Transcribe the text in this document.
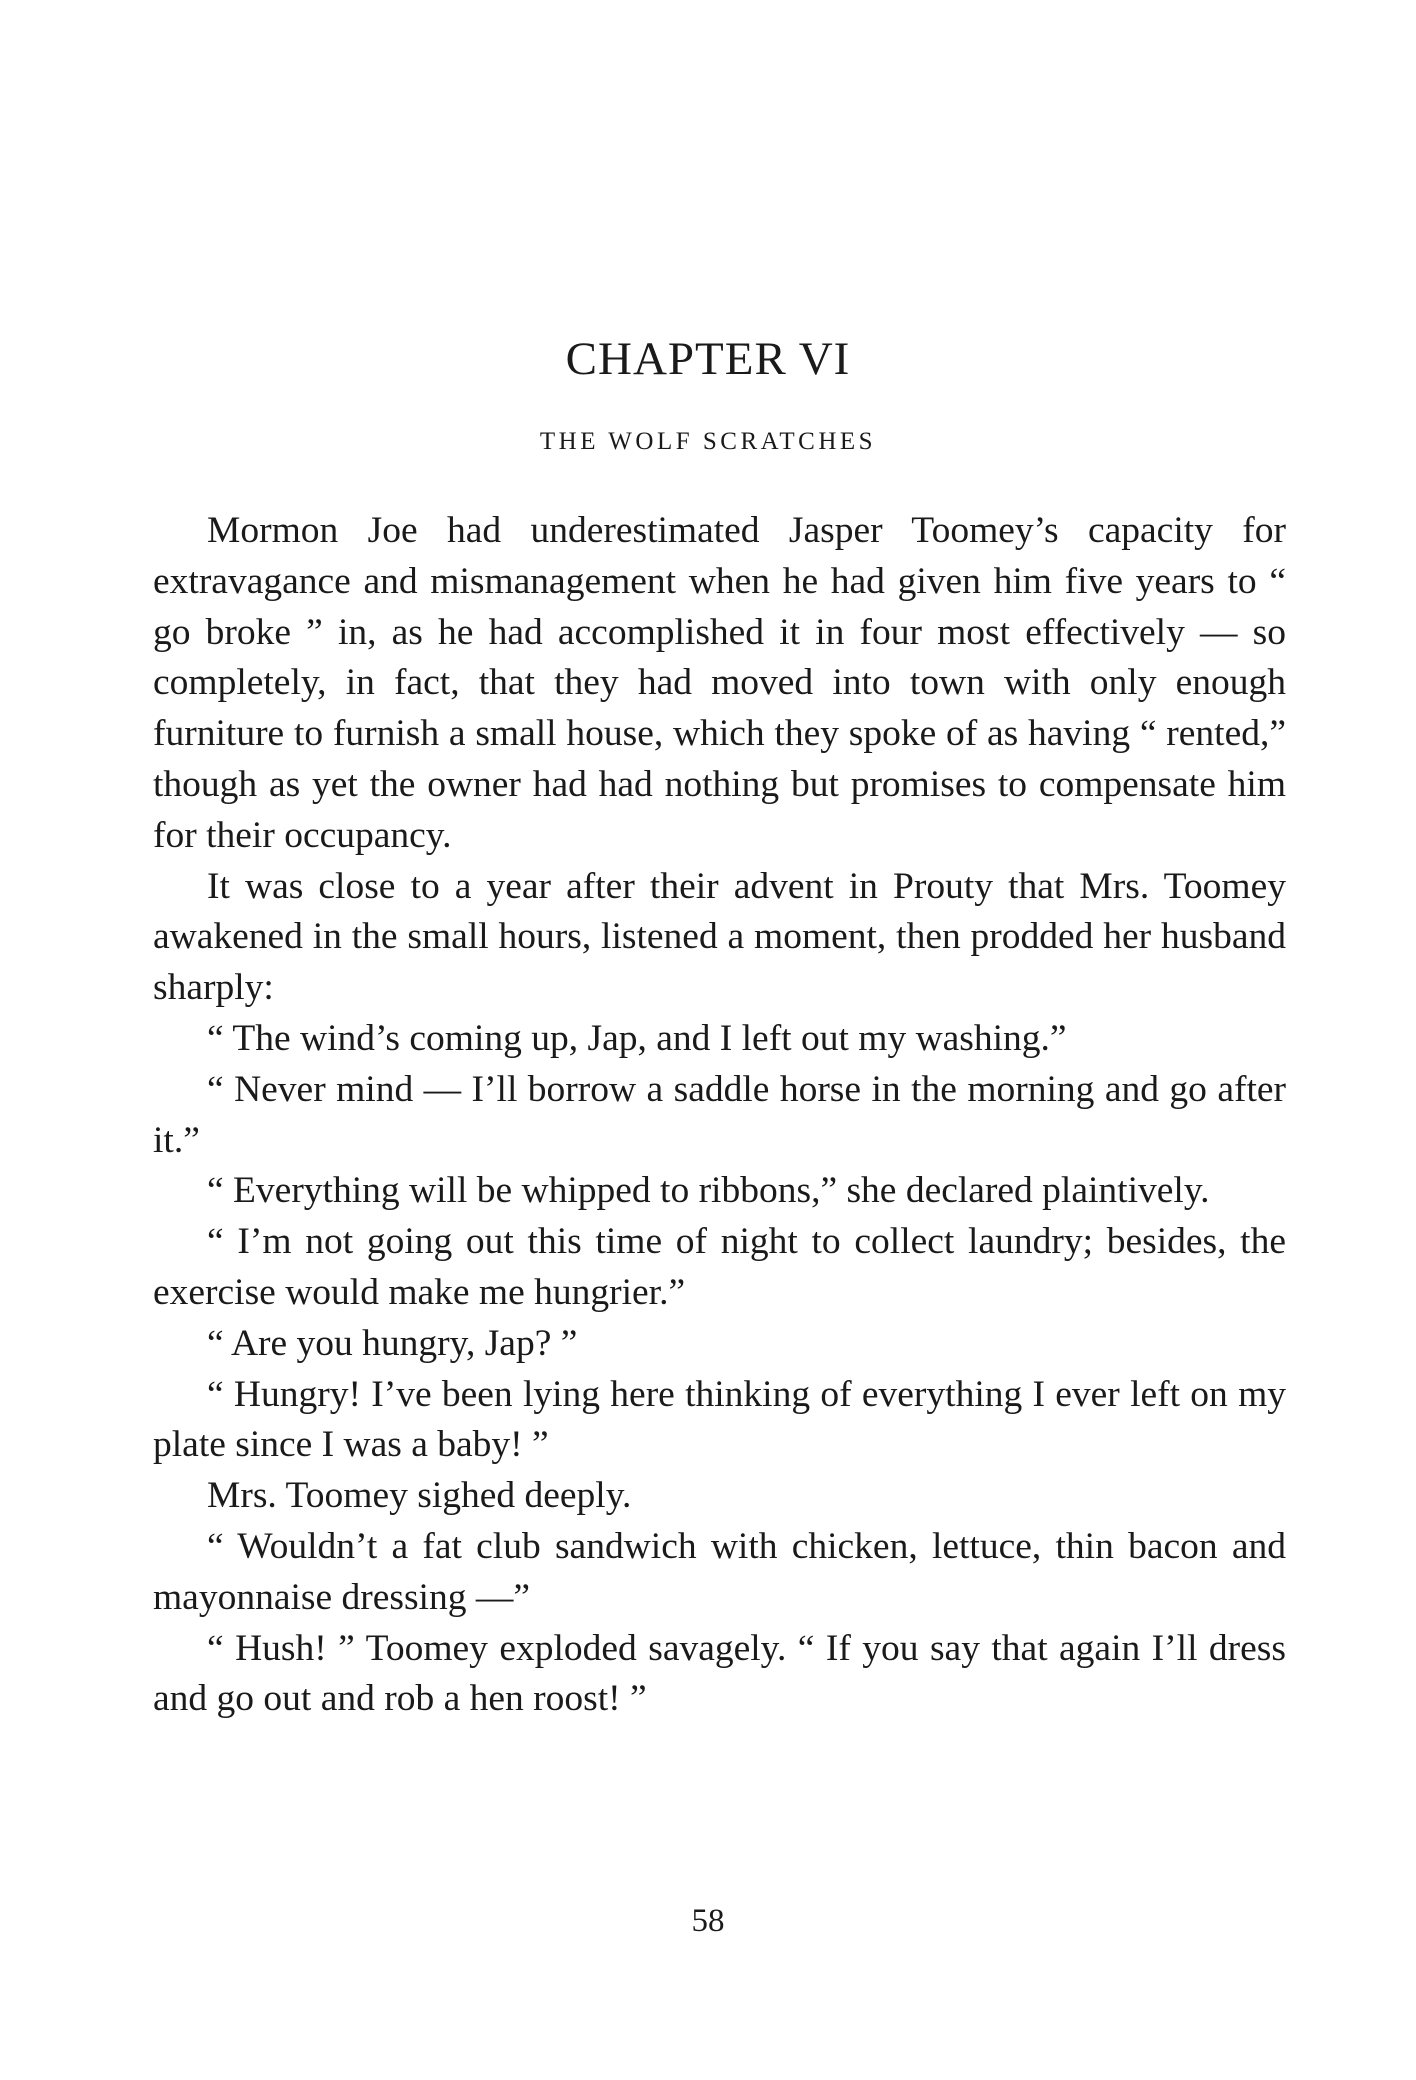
CHAPTER VI
THE WOLF SCRATCHES

Mormon Joe had underestimated Jasper Toomey’s capacity for extravagance and mismanagement when he had given him five years to “ go broke ” in, as he had accomplished it in four most effectively — so completely, in fact, that they had moved into town with only enough furniture to furnish a small house, which they spoke of as having “ rented,” though as yet the owner had had nothing but promises to compensate him for their occupancy.

It was close to a year after their advent in Prouty that Mrs. Toomey awakened in the small hours, listened a moment, then prodded her husband sharply:

“ The wind’s coming up, Jap, and I left out my washing.”

“ Never mind — I’ll borrow a saddle horse in the morning and go after it.”

“ Everything will be whipped to ribbons,” she declared plaintively.

“ I’m not going out this time of night to collect laundry; besides, the exercise would make me hungrier.”

“ Are you hungry, Jap? ”

“ Hungry! I’ve been lying here thinking of everything I ever left on my plate since I was a baby! ”

Mrs. Toomey sighed deeply.

“ Wouldn’t a fat club sandwich with chicken, lettuce, thin bacon and mayonnaise dressing —”

“ Hush! ” Toomey exploded savagely. “ If you say that again I’ll dress and go out and rob a hen roost! ”

58
